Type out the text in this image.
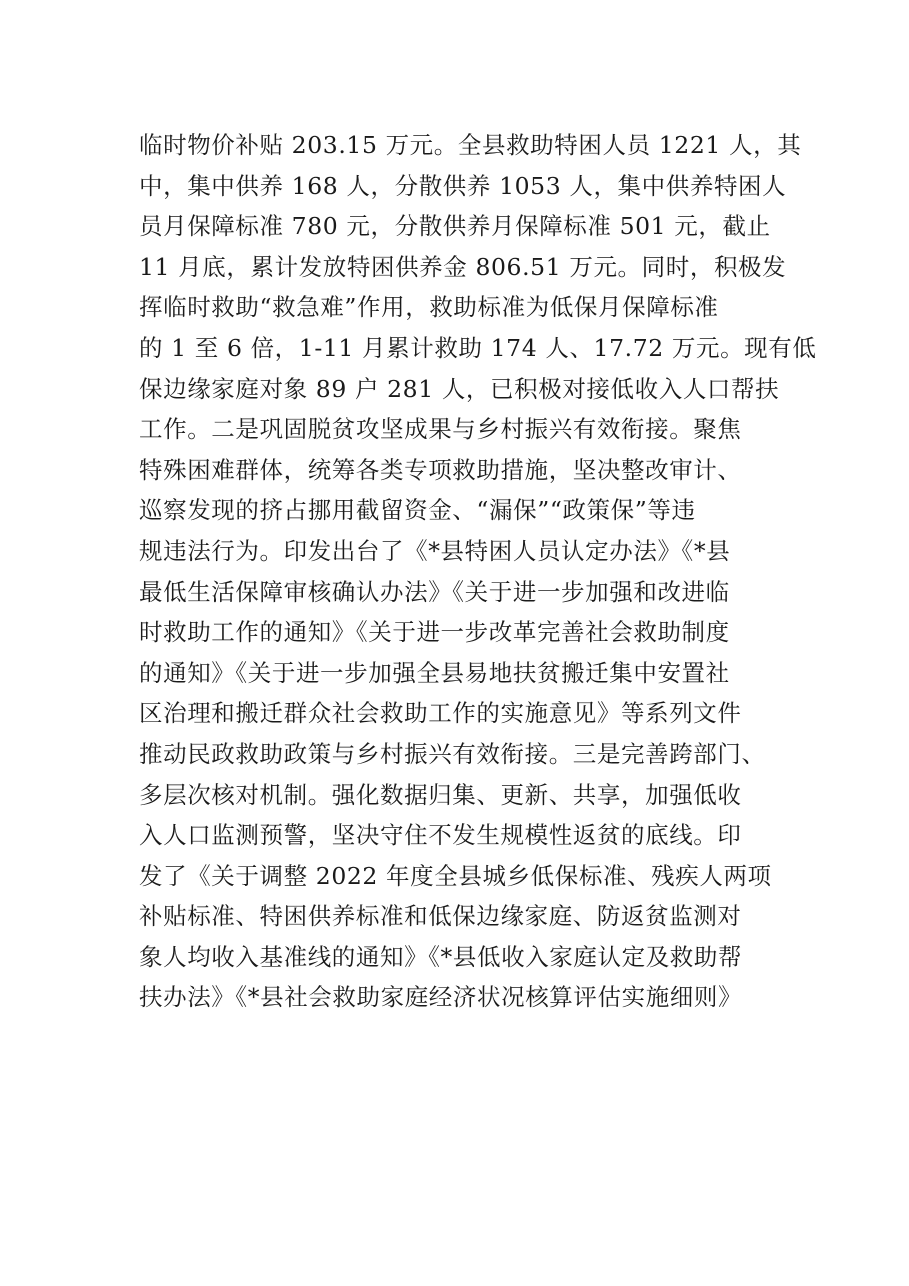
临时物价补贴 203.15 万元。全县救助特困人员 1221 人，其
中，集中供养 168 人，分散供养 1053 人，集中供养特困人
员月保障标准 780 元，分散供养月保障标准 501 元，截止
11 月底，累计发放特困供养金 806.51 万元。同时，积极发
挥临时救助“救急难”作用，救助标准为低保月保障标准
的 1 至 6 倍，1-11 月累计救助 174 人、17.72 万元。现有低
保边缘家庭对象 89 户 281 人，已积极对接低收入人口帮扶
工作。二是巩固脱贫攻坚成果与乡村振兴有效衔接。聚焦
特殊困难群体，统筹各类专项救助措施，坚决整改审计、
巡察发现的挤占挪用截留资金、“漏保”“政策保”等违
规违法行为。印发出台了《*县特困人员认定办法》《*县
最低生活保障审核确认办法》《关于进一步加强和改进临
时救助工作的通知》《关于进一步改革完善社会救助制度
的通知》《关于进一步加强全县易地扶贫搬迁集中安置社
区治理和搬迁群众社会救助工作的实施意见》等系列文件
推动民政救助政策与乡村振兴有效衔接。三是完善跨部门、
多层次核对机制。强化数据归集、更新、共享，加强低收
入人口监测预警，坚决守住不发生规模性返贫的底线。印
发了《关于调整 2022 年度全县城乡低保标准、残疾人两项
补贴标准、特困供养标准和低保边缘家庭、防返贫监测对
象人均收入基准线的通知》《*县低收入家庭认定及救助帮
扶办法》《*县社会救助家庭经济状况核算评估实施细则》
